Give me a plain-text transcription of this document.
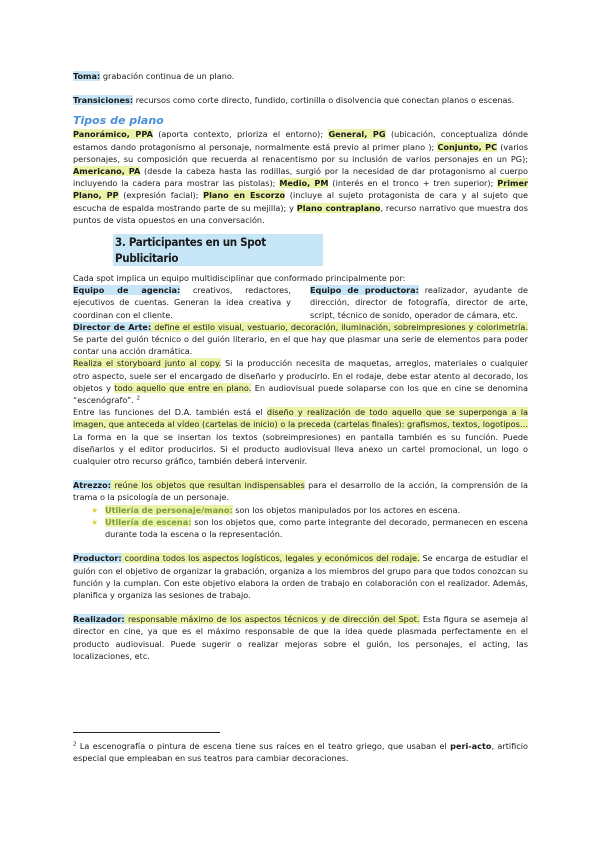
Toma: grabación continua de un plano.

Transiciones: recursos como corte directo, fundido, cortinilla o disolvencia que conectan planos o escenas.

Tipos de plano

Panorámico, PPA (aporta contexto, prioriza el entorno); General, PG (ubicación, conceptualiza dónde estamos dando protagonismo al personaje, normalmente está previo al primer plano ); Conjunto, PC (varios personajes, su composición que recuerda al renacentismo por su inclusión de varios personajes en un PG); Americano, PA (desde la cabeza hasta las rodillas, surgió por la necesidad de dar protagonismo al cuerpo incluyendo la cadera para mostrar las pistolas); Medio, PM (interés en el tronco + tren superior); Primer Plano, PP (expresión facial); Plano en Escorzo (incluye al sujeto protagonista de cara y al sujeto que escucha de espalda mostrando parte de su mejilla); y Plano contraplano, recurso narrativo que muestra dos puntos de vista opuestos en una conversación.

3. Participantes en un Spot Publicitario

Cada spot implica un equipo multidisciplinar que conformado principalmente por:

Equipo de agencia: creativos, redactores, ejecutivos de cuentas. Generan la idea creativa y coordinan con el cliente.
Equipo de productora: realizador, ayudante de dirección, director de fotografía, director de arte, script, técnico de sonido, operador de cámara, etc.

Director de Arte: define el estilo visual, vestuario, decoración, iluminación, sobreimpresiones y colorimetría. Se parte del guión técnico o del guión literario, en el que hay que plasmar una serie de elementos para poder contar una acción dramática.

Realiza el storyboard junto al copy. Si la producción necesita de maquetas, arreglos, materiales o cualquier otro aspecto, suele ser el encargado de diseñarlo y producirlo. En el rodaje, debe estar atento al decorado, los objetos y todo aquello que entre en plano. En audiovisual puede solaparse con los que en cine se denomina “escenógrafo”. $^2$

Entre las funciones del D.A. también está el diseño y realización de todo aquello que se superponga a la imagen, que anteceda al vídeo (cartelas de inicio) o la preceda (cartelas finales): grafismos, textos, logotipos… La forma en la que se insertan los textos (sobreimpresiones) en pantalla también es su función. Puede diseñarlos y el editor producirlos. Si el producto audiovisual lleva anexo un cartel promocional, un logo o cualquier otro recurso gráfico, también deberá intervenir.

Atrezzo: reúne los objetos que resultan indispensables para el desarrollo de la acción, la comprensión de la trama o la psicología de un personaje.

★ Utilería de personaje/mano: son los objetos manipulados por los actores en escena.
★ Utilería de escena: son los objetos que, como parte integrante del decorado, permanecen en escena durante toda la escena o la representación.

Productor: coordina todos los aspectos logísticos, legales y económicos del rodaje. Se encarga de estudiar el guión con el objetivo de organizar la grabación, organiza a los miembros del grupo para que todos conozcan su función y la cumplan. Con este objetivo elabora la orden de trabajo en colaboración con el realizador. Además, planifica y organiza las sesiones de trabajo.

Realizador: responsable máximo de los aspectos técnicos y de dirección del Spot. Esta figura se asemeja al director en cine, ya que es el máximo responsable de que la idea quede plasmada perfectamente en el producto audiovisual. Puede sugerir o realizar mejoras sobre el guión, los personajes, el acting, las localizaciones, etc.

$^2$ La escenografía o pintura de escena tiene sus raíces en el teatro griego, que usaban el peri-acto, artificio especial que empleaban en sus teatros para cambiar decoraciones.
